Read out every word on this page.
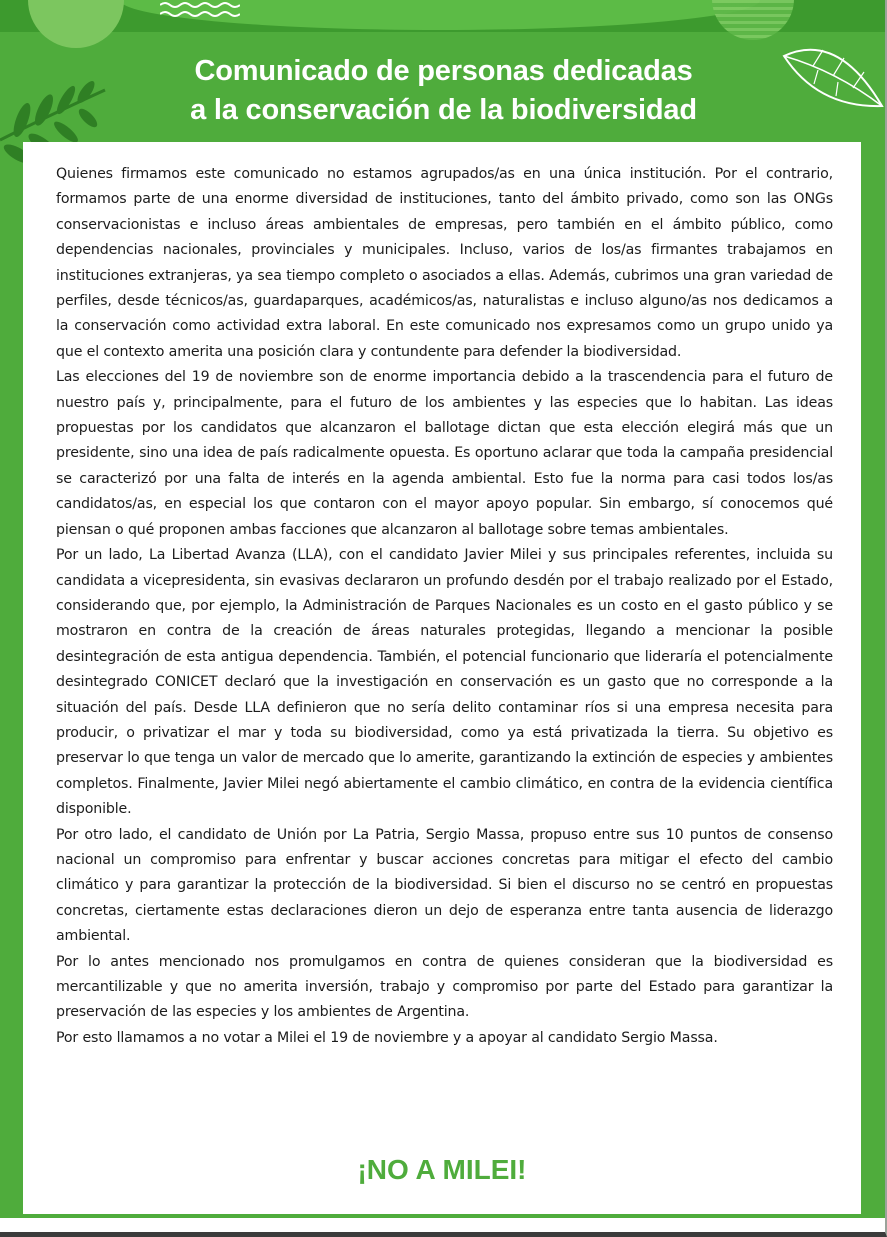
Comunicado de personas dedicadas
a la conservación de la biodiversidad

Quienes firmamos este comunicado no estamos agrupados/as en una única institución. Por el contrario, formamos parte de una enorme diversidad de instituciones, tanto del ámbito privado, como son las ONGs conservacionistas e incluso áreas ambientales de empresas, pero también en el ámbito público, como dependencias nacionales, provinciales y municipales. Incluso, varios de los/as firmantes trabajamos en instituciones extranjeras, ya sea tiempo completo o asociados a ellas. Además, cubrimos una gran variedad de perfiles, desde técnicos/as, guardaparques, académicos/as, naturalistas e incluso alguno/as nos dedicamos a la conservación como actividad extra laboral. En este comunicado nos expresamos como un grupo unido ya que el contexto amerita una posición clara y contundente para defender la biodiversidad.

Las elecciones del 19 de noviembre son de enorme importancia debido a la trascendencia para el futuro de nuestro país y, principalmente, para el futuro de los ambientes y las especies que lo habitan. Las ideas propuestas por los candidatos que alcanzaron el ballotage dictan que esta elección elegirá más que un presidente, sino una idea de país radicalmente opuesta. Es oportuno aclarar que toda la campaña presidencial se caracterizó por una falta de interés en la agenda ambiental. Esto fue la norma para casi todos los/as candidatos/as, en especial los que contaron con el mayor apoyo popular. Sin embargo, sí conocemos qué piensan o qué proponen ambas facciones que alcanzaron al ballotage sobre temas ambientales.

Por un lado, La Libertad Avanza (LLA), con el candidato Javier Milei y sus principales referentes, incluida su candidata a vicepresidenta, sin evasivas declararon un profundo desdén por el trabajo realizado por el Estado, considerando que, por ejemplo, la Administración de Parques Nacionales es un costo en el gasto público y se mostraron en contra de la creación de áreas naturales protegidas, llegando a mencionar la posible desintegración de esta antigua dependencia. También, el potencial funcionario que lideraría el potencialmente desintegrado CONICET declaró que la investigación en conservación es un gasto que no corresponde a la situación del país. Desde LLA definieron que no sería delito contaminar ríos si una empresa necesita para producir, o privatizar el mar y toda su biodiversidad, como ya está privatizada la tierra. Su objetivo es preservar lo que tenga un valor de mercado que lo amerite, garantizando la extinción de especies y ambientes completos. Finalmente, Javier Milei negó abiertamente el cambio climático, en contra de la evidencia científica disponible.

Por otro lado, el candidato de Unión por La Patria, Sergio Massa, propuso entre sus 10 puntos de consenso nacional un compromiso para enfrentar y buscar acciones concretas para mitigar el efecto del cambio climático y para garantizar la protección de la biodiversidad. Si bien el discurso no se centró en propuestas concretas, ciertamente estas declaraciones dieron un dejo de esperanza entre tanta ausencia de liderazgo ambiental.

Por lo antes mencionado nos promulgamos en contra de quienes consideran que la biodiversidad es mercantilizable y que no amerita inversión, trabajo y compromiso por parte del Estado para garantizar la preservación de las especies y los ambientes de Argentina.

Por esto llamamos a no votar a Milei el 19 de noviembre y a apoyar al candidato Sergio Massa.

¡NO A MILEI!
